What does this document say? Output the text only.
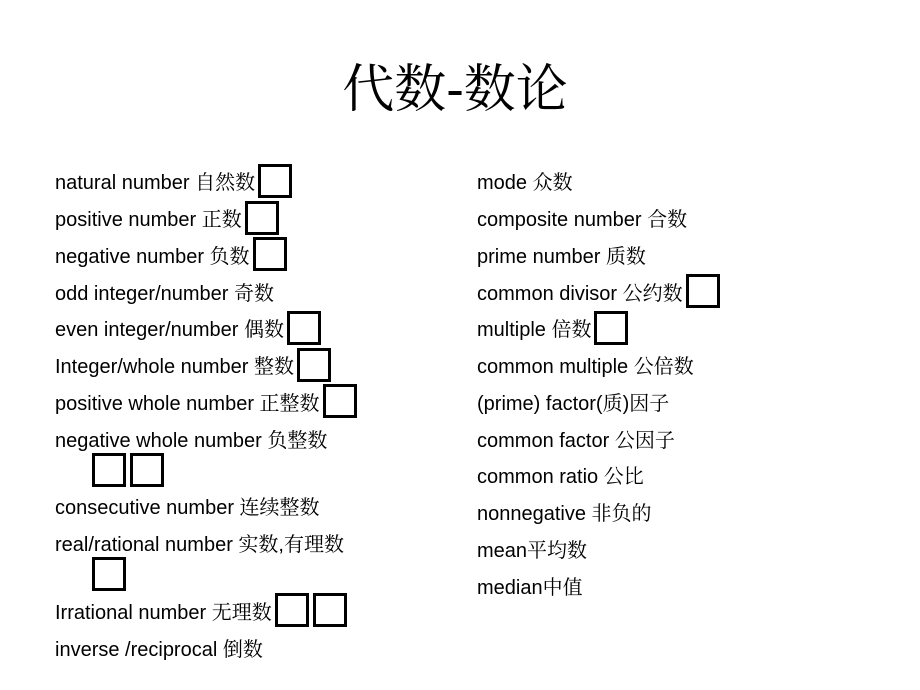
代数-数论
natural number 自然数
positive number 正数
negative number 负数
odd integer/number 奇数
even integer/number 偶数
Integer/whole number 整数
positive whole number 正整数
negative whole number 负整数
consecutive number 连续整数
real/rational number 实数,有理数
Irrational number 无理数
inverse /reciprocal 倒数
mode 众数
composite number 合数
prime number 质数
common divisor 公约数
multiple 倍数
common multiple 公倍数
(prime) factor(质)因子
common factor 公因子
common ratio 公比
nonnegative 非负的
mean平均数
median中值
